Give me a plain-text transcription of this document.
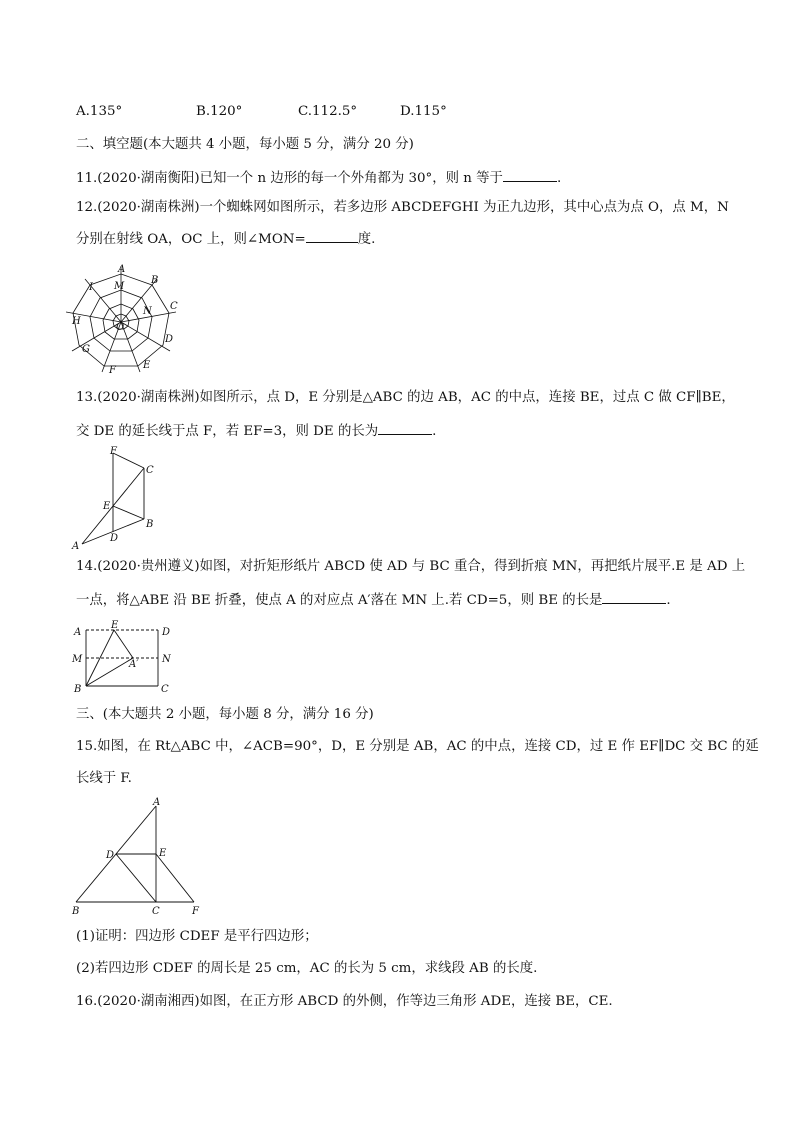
A.135°	B.120°	C.112.5°	D.115°
二、填空题(本大题共 4 小题，每小题 5 分，满分 20 分)
11.(2020·湖南衡阳)已知一个 n 边形的每一个外角都为 30°，则 n 等于	.
12.(2020·湖南株洲)一个蜘蛛网如图所示，若多边形 ABCDEFGHI 为正九边形，其中心点为点 O，点 M，N
分别在射线 OA，OC 上，则∠MON=	度.
A
B
C
D
E
F
G
H
I M
N
O
13.(2020·湖南株洲)如图所示，点 D，E 分别是△ABC 的边 AB，AC 的中点，连接 BE，过点 C 做 CF∥BE，
交 DE 的延长线于点 F，若 EF=3，则 DE 的长为	.
F
C
E
D
B
A
14.(2020·贵州遵义)如图，对折矩形纸片 ABCD 使 AD 与 BC 重合，得到折痕 MN，再把纸片展平.E 是 AD 上
一点，将△ABE 沿 BE 折叠，使点 A 的对应点 A′落在 MN 上.若 CD=5，则 BE 的长是	.
A
E
D
M	A′ N
B	C
三、(本大题共 2 小题，每小题 8 分，满分 16 分)
15.如图，在 Rt△ABC 中，∠ACB=90°，D，E 分别是 AB，AC 的中点，连接 CD，过 E 作 EF∥DC 交 BC 的延
长线于 F.
A
D	E
B	C	F
(1)证明：四边形 CDEF 是平行四边形；
(2)若四边形 CDEF 的周长是 25 cm，AC 的长为 5 cm，求线段 AB 的长度.
16.(2020·湖南湘西)如图，在正方形 ABCD 的外侧，作等边三角形 ADE，连接 BE，CE.
